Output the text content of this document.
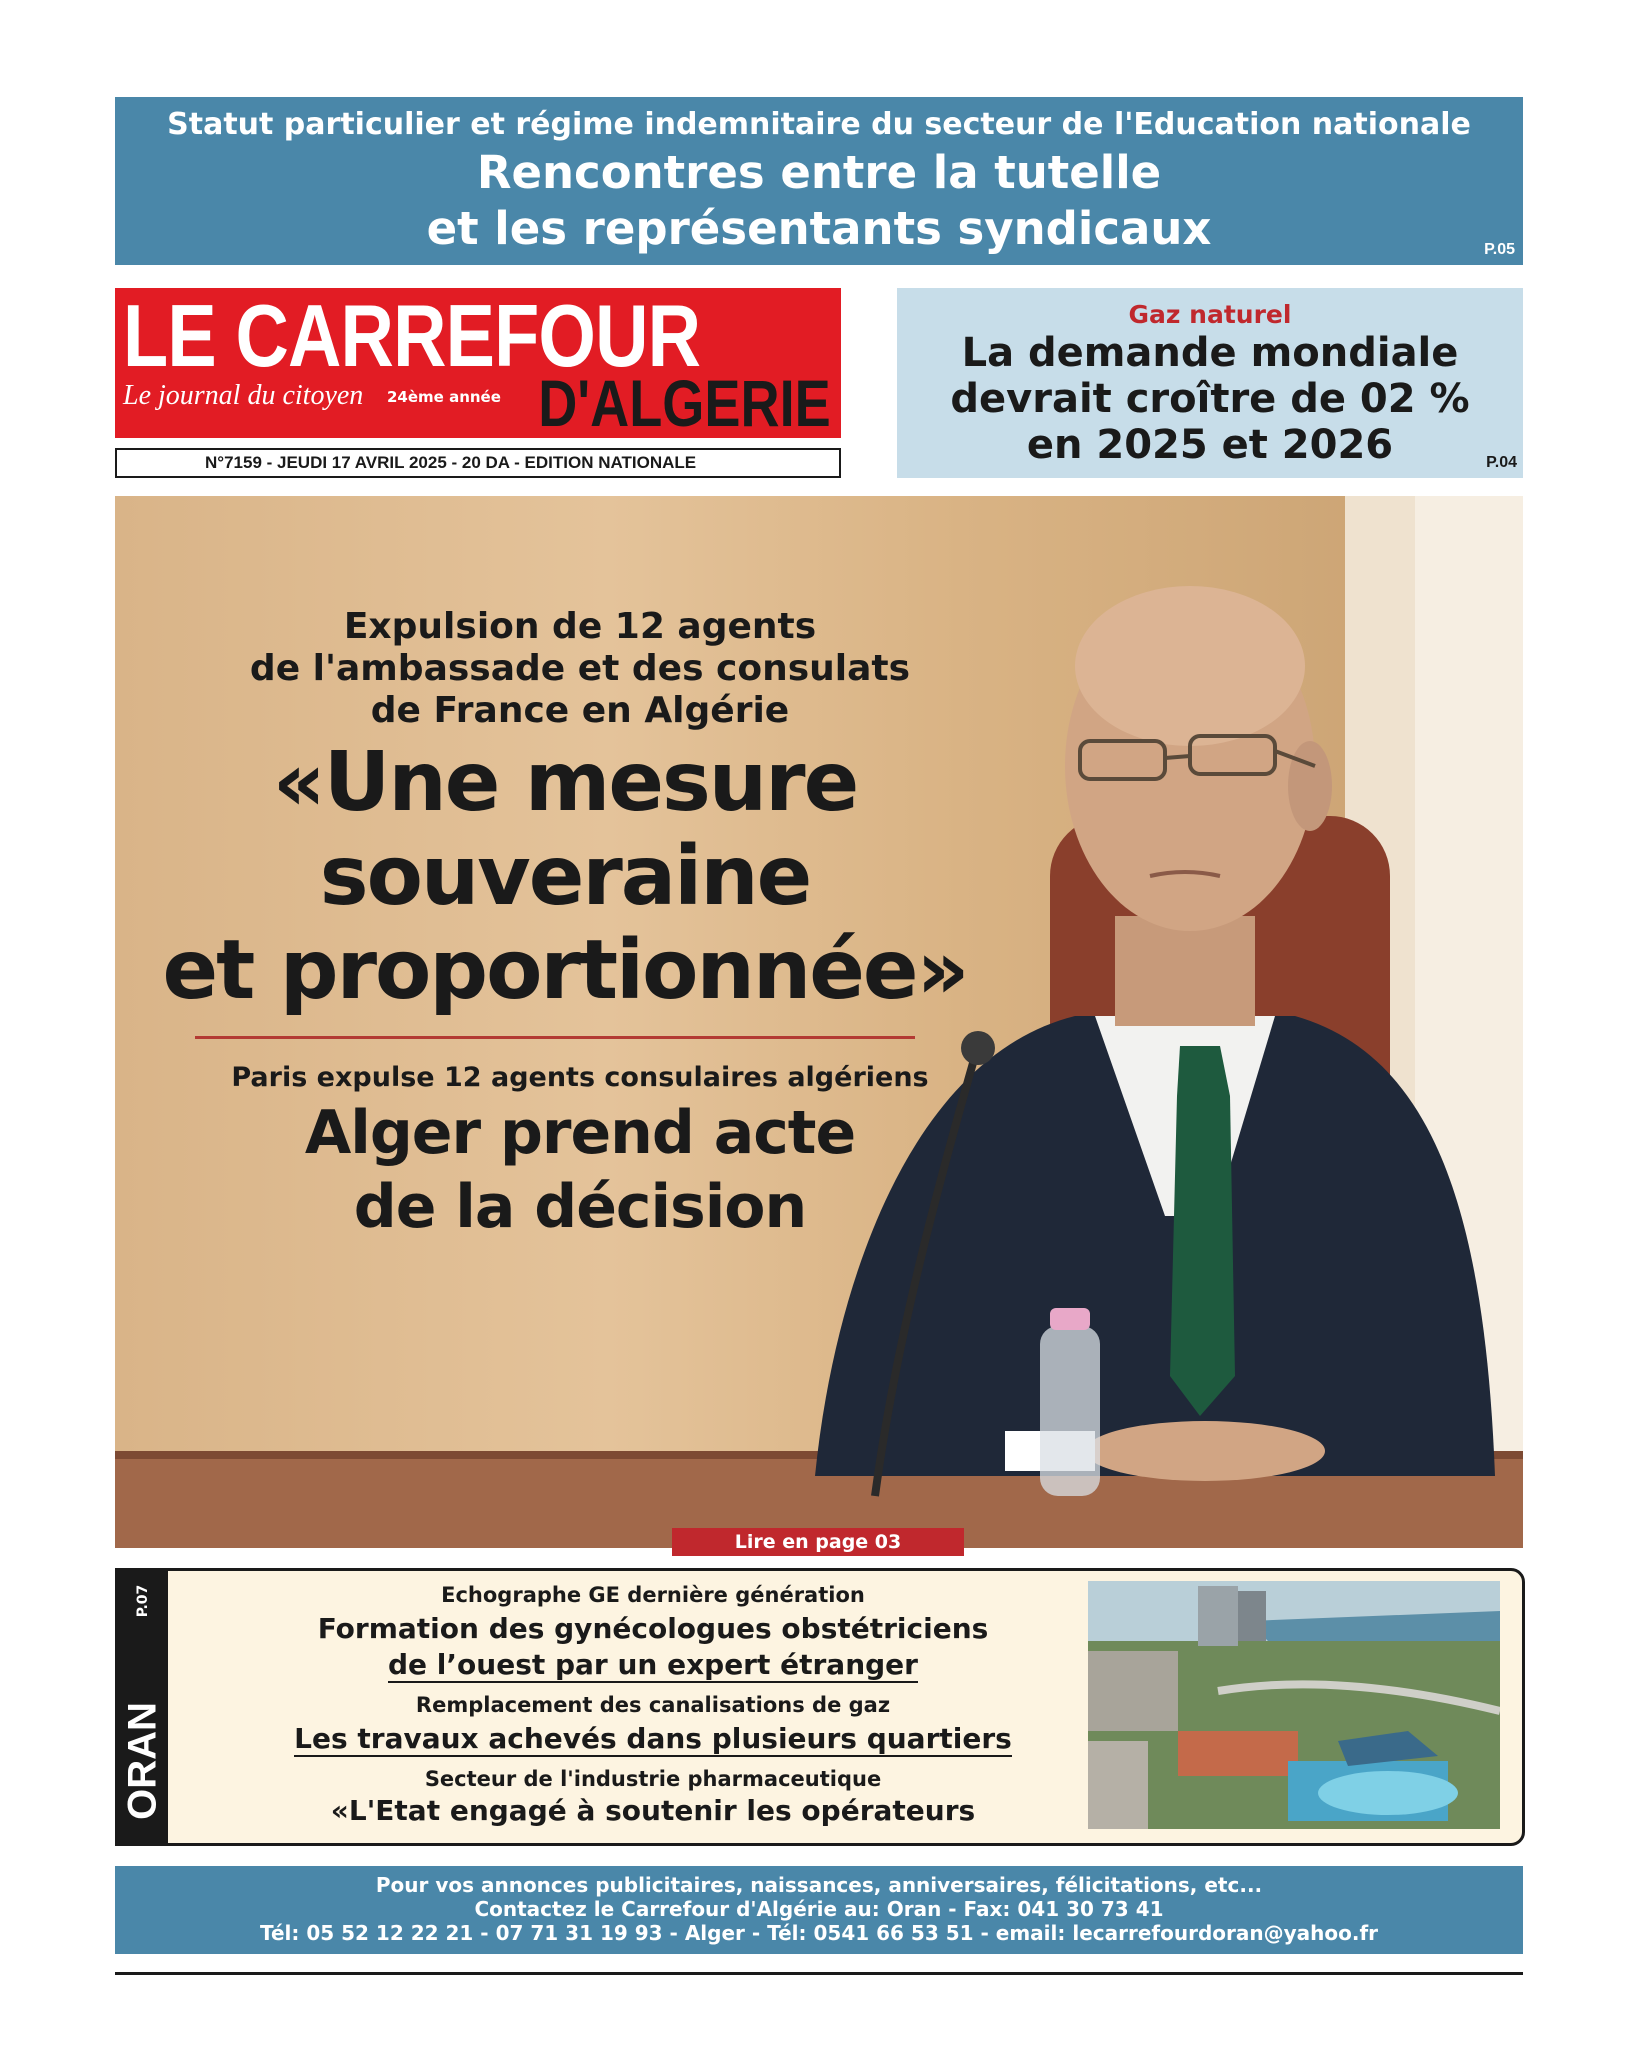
Statut particulier et régime indemnitaire du secteur de l'Education nationale
Rencontres entre la tutelle
et les représentants syndicaux	P.05
LE CARREFOUR
Le journal du citoyen 24ème année D'ALGERIE
N°7159 - JEUDI 17 AVRIL 2025 - 20 DA - EDITION NATIONALE
Gaz naturel
La demande mondiale
devrait croître de 02 %
en 2025 et 2026	P.04
Expulsion de 12 agents
de l'ambassade et des consulats
de France en Algérie
«Une mesure
souveraine
et proportionnée»
Paris expulse 12 agents consulaires algériens
Alger prend acte
de la décision
Lire en page 03
P.07
ORAN
Echographe GE dernière génération
Formation des gynécologues obstétriciens
de l’ouest par un expert étranger
Remplacement des canalisations de gaz
Les travaux achevés dans plusieurs quartiers
Secteur de l'industrie pharmaceutique
«L'Etat engagé à soutenir les opérateurs
Pour vos annonces publicitaires, naissances, anniversaires, félicitations, etc...
Contactez le Carrefour d'Algérie au: Oran - Fax: 041 30 73 41
Tél: 05 52 12 22 21 - 07 71 31 19 93 - Alger - Tél: 0541 66 53 51 - email: lecarrefourdoran@yahoo.fr
